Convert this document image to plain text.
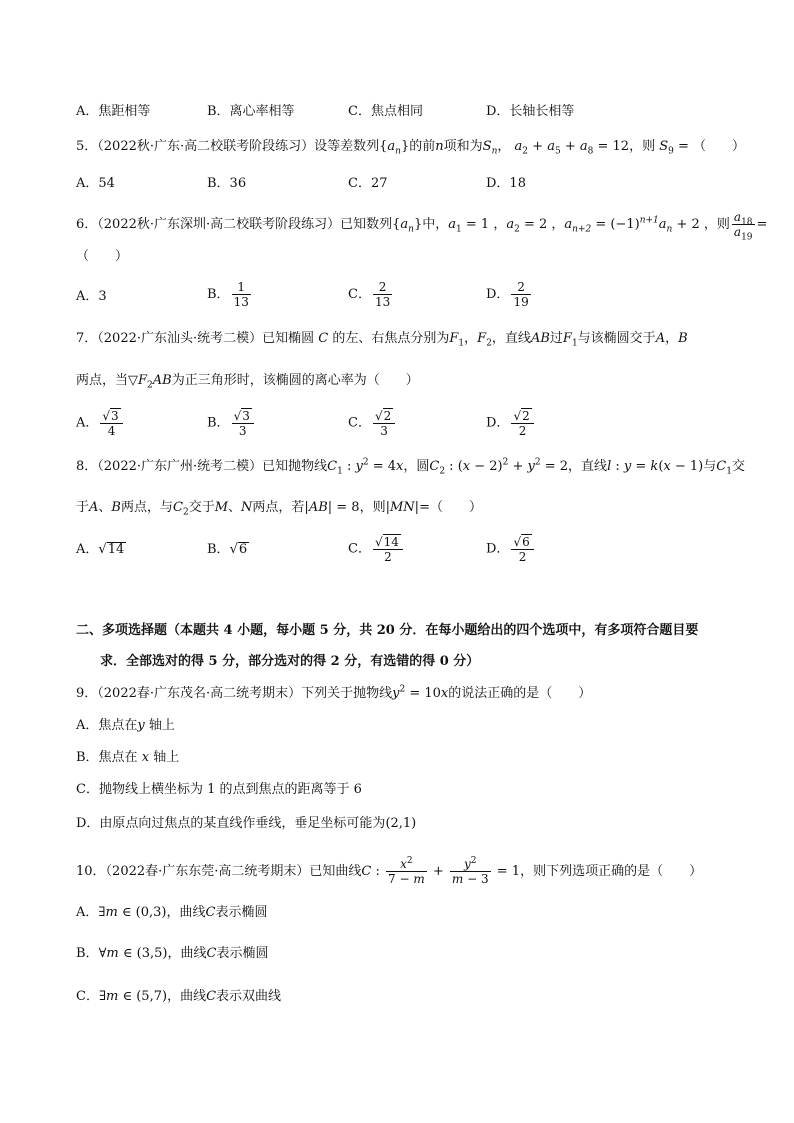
A．焦距相等	B．离心率相等	C．焦点相同	D．长轴长相等
5．（2022秋·广东·高二校联考阶段练习）设等差数列$\{a_n\}$的前n项和为$S_n$， $a_2 + a_5 + a_8 = 12$，则 $S_9$ = （　　）
A．54	B．36	C．27	D．18
6．（2022秋·广东深圳·高二校联考阶段练习）已知数列$\{a_n\}$中，$a_1 = 1$ ，$a_2 = 2$ ，$a_{n+2} = (-1)^{n+1}a_n + 2$ ，则 $\frac{a_{18}}{a_{19}}$ =
（　　）
A．3	B． $\frac{1}{13}$	C． $\frac{2}{13}$	D． $\frac{2}{19}$
7．（2022·广东汕头·统考二模）已知椭圆 C 的左、右焦点分别为$F_1$，$F_2$，直线AB过$F_1$与该椭圆交于A，B
两点，当$▽F_2AB$为正三角形时，该椭圆的离心率为（　　）
A． $\frac{√3}{4}$	B． $\frac{√3}{3}$	C． $\frac{√2}{3}$	D． $\frac{√2}{2}$
8．（2022·广东广州·统考二模）已知抛物线$C_1$ : $y^2 = 4x$，圆$C_2$ : $(x - 2)^2 + y^2 = 2$，直线l : y = k(x − 1)与$C_1$交
于A、B两点，与$C_2$交于M、N两点，若|AB| = 8，则|MN|=（　　）
A．√14	B．√6	C． $\frac{√14}{2}$	D． $\frac{√6}{2}$
二、多项选择题（本题共 4 小题，每小题 5 分，共 20 分．在每小题给出的四个选项中，有多项符合题目要
求．全部选对的得 5 分，部分选对的得 2 分，有选错的得 0 分）
9．（2022春·广东茂名·高二统考期末）下列关于抛物线$y^2 = 10x$的说法正确的是（　　）
A．焦点在y 轴上
B．焦点在 x 轴上
C．抛物线上横坐标为 1 的点到焦点的距离等于 6
D．由原点向过焦点的某直线作垂线，垂足坐标可能为(2,1)
10．（2022春·广东东莞·高二统考期末）已知曲线C : $\frac{x^2}{7 - m} + \frac{y^2}{m - 3} = 1$，则下列选项正确的是（　　）
A．∃m ∈ (0,3)，曲线C表示椭圆
B．∀m ∈ (3,5)，曲线C表示椭圆
C．∃m ∈ (5,7)，曲线C表示双曲线
